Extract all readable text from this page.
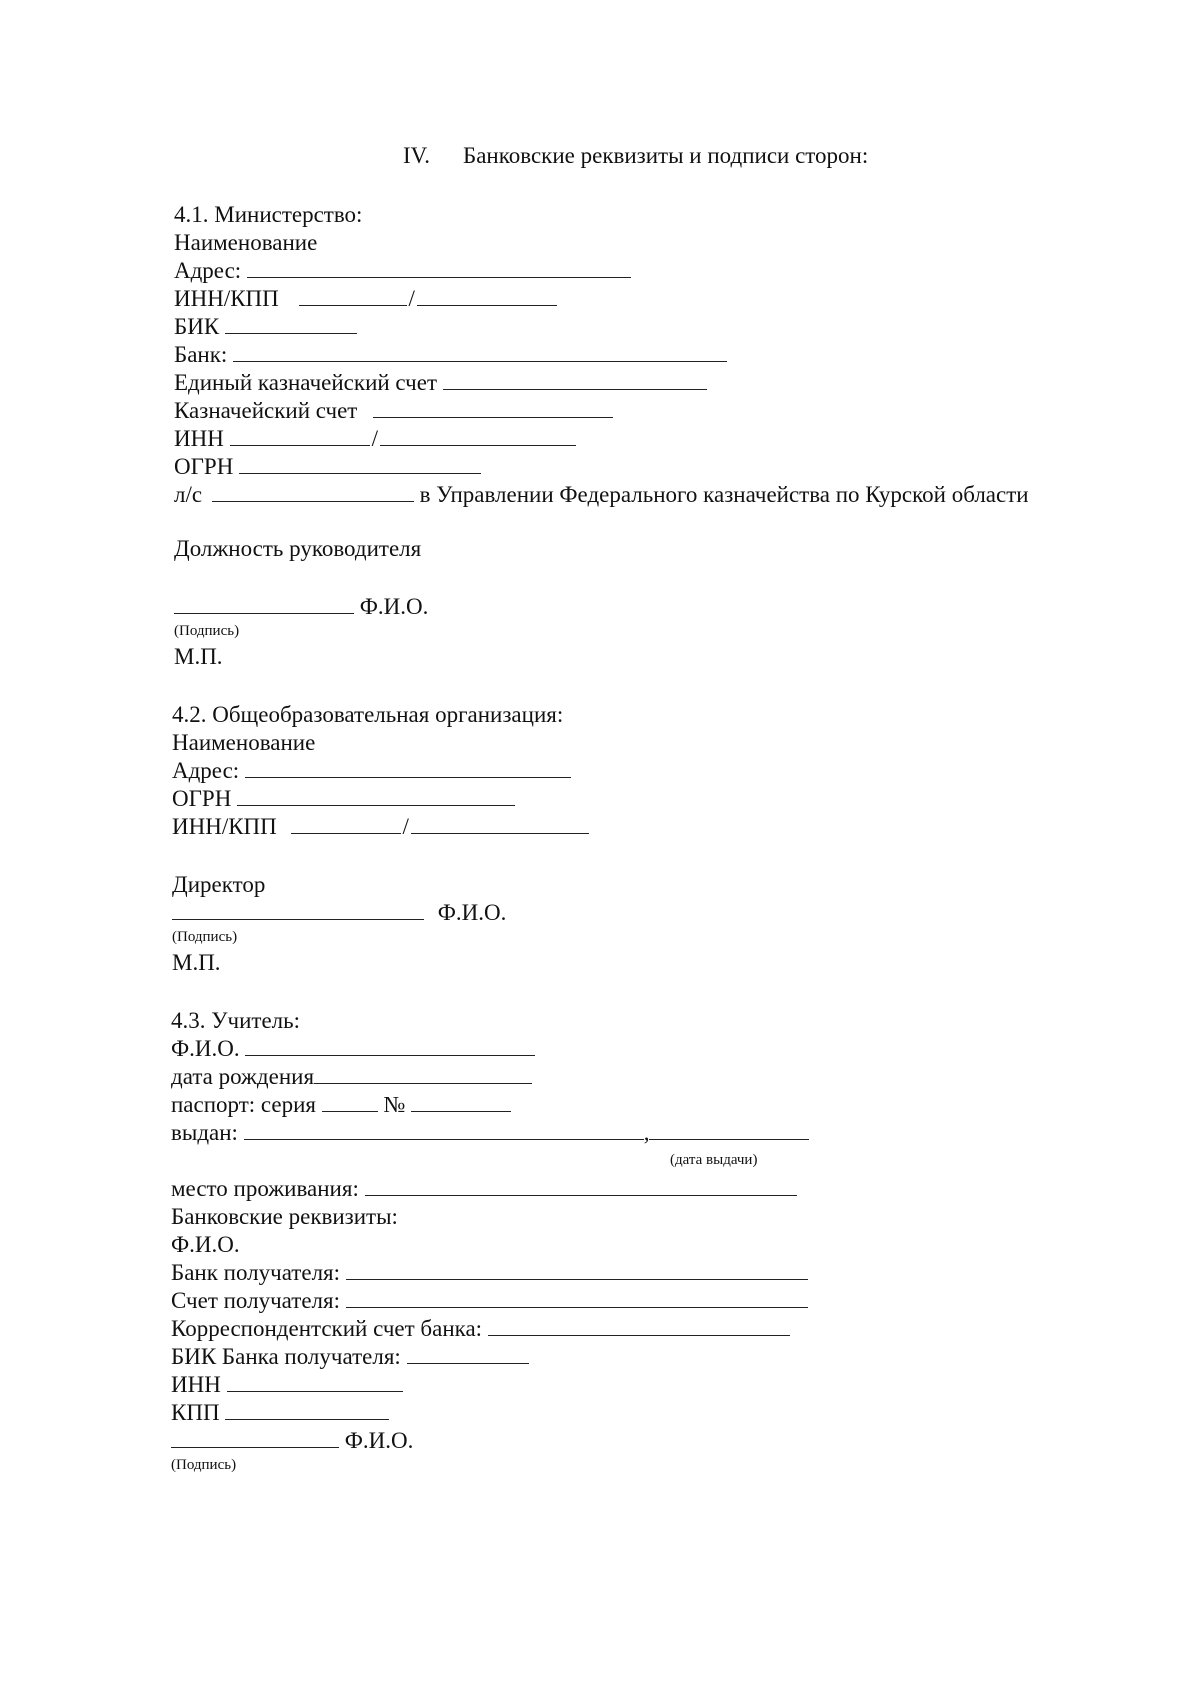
IV. Банковские реквизиты и подписи сторон:
4.1. Министерство:
Наименование
Адрес:
ИНН/КПП	/
БИК
Банк:
Единый казначейский счет
Казначейский счет
ИНН	/
ОГРН
л/с	в Управлении Федерального казначейства по Курской области
Должность руководителя
Ф.И.О.
(Подпись)
М.П.
4.2. Общеобразовательная организация:
Наименование
Адрес:
ОГРН
ИНН/КПП	/
Директор
Ф.И.О.
(Подпись)
М.П.
4.3. Учитель:
Ф.И.О.
дата рождения
паспорт: серия	№
выдан:	,
(дата выдачи)
место проживания:
Банковские реквизиты:
Ф.И.О.
Банк получателя:
Счет получателя:
Корреспондентский счет банка:
БИК Банка получателя:
ИНН
КПП
Ф.И.О.
(Подпись)
